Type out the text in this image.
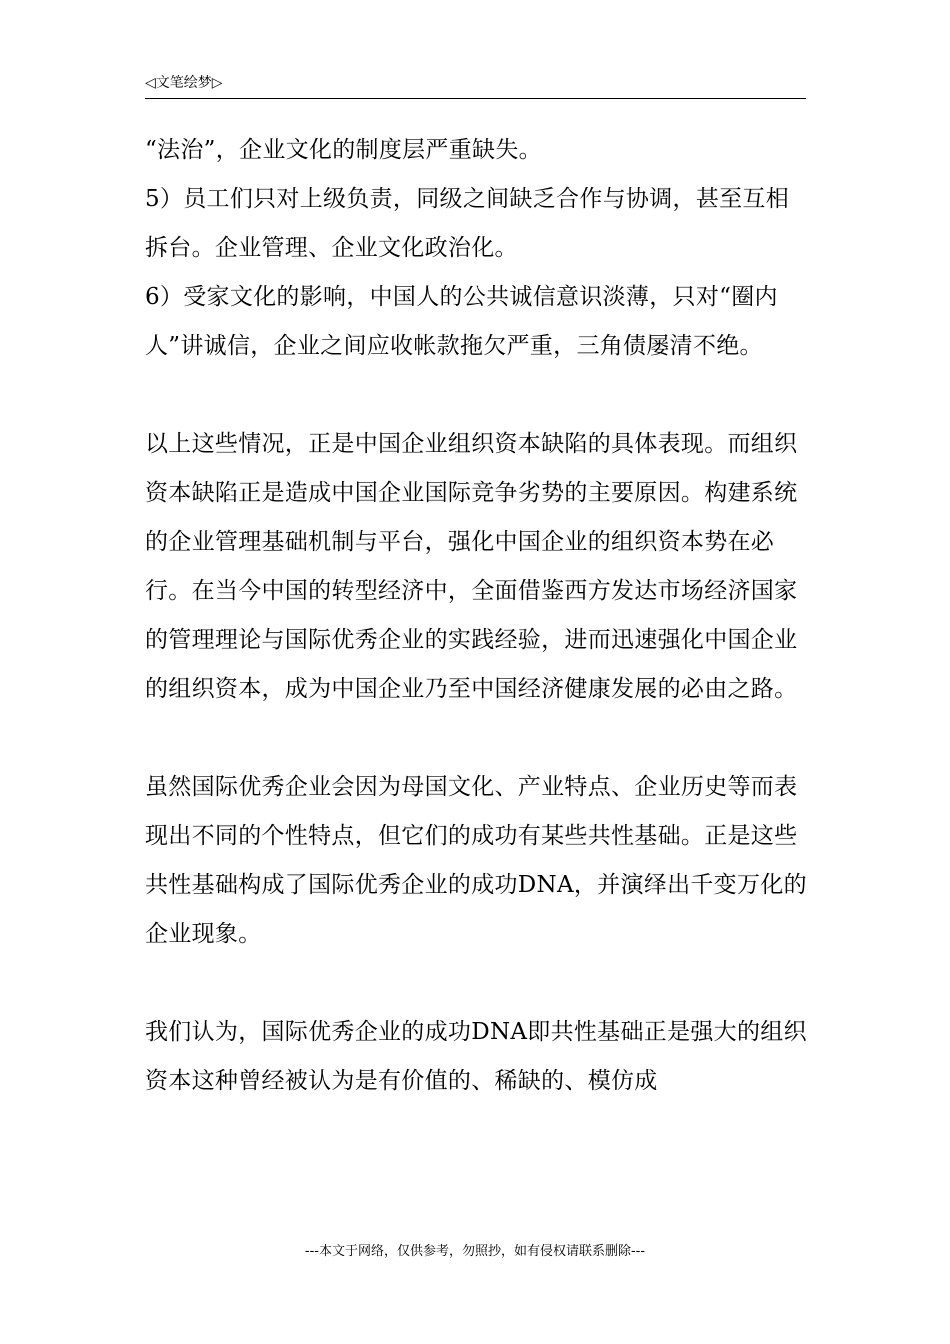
◁文笔绘梦▷

“法治”，企业文化的制度层严重缺失。

5）员工们只对上级负责，同级之间缺乏合作与协调，甚至互相拆台。企业管理、企业文化政治化。

6）受家文化的影响，中国人的公共诚信意识淡薄，只对“圈内人”讲诚信，企业之间应收帐款拖欠严重，三角债屡清不绝。

以上这些情况，正是中国企业组织资本缺陷的具体表现。而组织资本缺陷正是造成中国企业国际竞争劣势的主要原因。构建系统的企业管理基础机制与平台，强化中国企业的组织资本势在必行。在当今中国的转型经济中，全面借鉴西方发达市场经济国家的管理理论与国际优秀企业的实践经验，进而迅速强化中国企业的组织资本，成为中国企业乃至中国经济健康发展的必由之路。

虽然国际优秀企业会因为母国文化、产业特点、企业历史等而表现出不同的个性特点，但它们的成功有某些共性基础。正是这些共性基础构成了国际优秀企业的成功DNA，并演绎出千变万化的企业现象。

我们认为，国际优秀企业的成功DNA即共性基础正是强大的组织资本这种曾经被认为是有价值的、稀缺的、模仿成

---本文于网络，仅供参考，勿照抄，如有侵权请联系删除---
